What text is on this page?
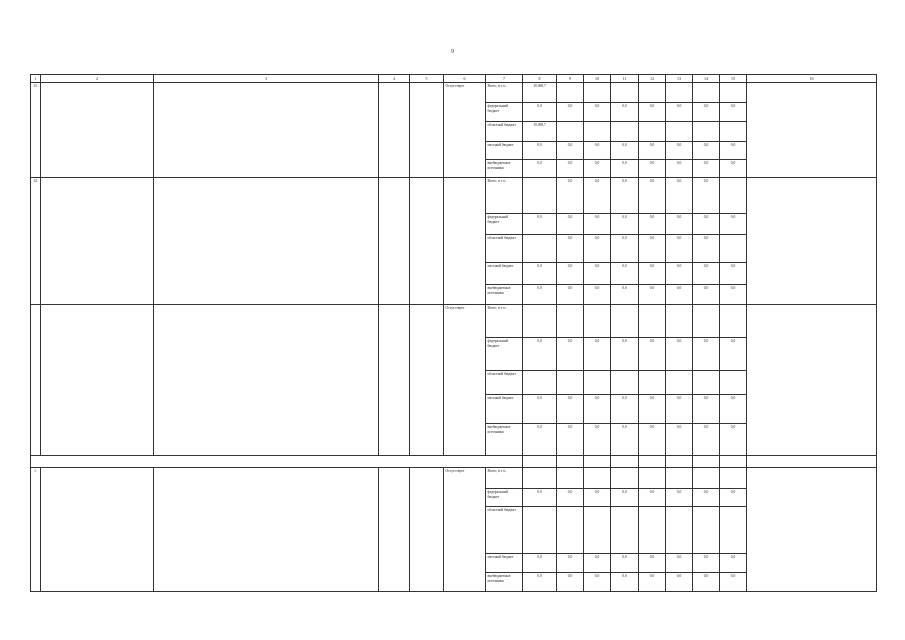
9
1	2	3	4	5	6	7	8	9	10	11	12	13	14	15	16
13.					Отсутствует	Всего, в т.ч.:	19 498,7								
						федеральный бюджет	0,0	0,0	0,0	0,0	0,0	0,0	0,0	0,0	
						областной бюджет	19 498,7								
						местный бюджет	0,0	0,0	0,0	0,0	0,0	0,0	0,0	0,0	
						внебюджетные источники	0,0	0,0	0,0	0,0	0,0	0,0	0,0	0,0	
14.						Всего, в т.ч.:		0,0	0,0	0,0	0,0	0,0	0,0		
						федеральный бюджет	0,0	0,0	0,0	0,0	0,0	0,0	0,0	0,0	
						областной бюджет		0,0	0,0	0,0	0,0	0,0	0,0		
						местный бюджет	0,0	0,0	0,0	0,0	0,0	0,0	0,0	0,0	
						внебюджетные источники	0,0	0,0	0,0	0,0	0,0	0,0	0,0	0,0	
					Отсутствует	Всего, в т.ч.:									
						федеральный бюджет	0,0	0,0	0,0	0,0	0,0	0,0	0,0	0,0	
						областной бюджет									
						местный бюджет	0,0	0,0	0,0	0,0	0,0	0,0	0,0	0,0	
						внебюджетные источники	0,0	0,0	0,0	0,0	0,0	0,0	0,0	0,0	

1.					Отсутствует	Всего, в т.ч.:									
						федеральный бюджет	0,0	0,0	0,0	0,0	0,0	0,0	0,0	0,0	
						областной бюджет									
						местный бюджет	0,0	0,0	0,0	0,0	0,0	0,0	0,0	0,0	
						внебюджетные источники	0,0	0,0	0,0	0,0	0,0	0,0	0,0	0,0	
